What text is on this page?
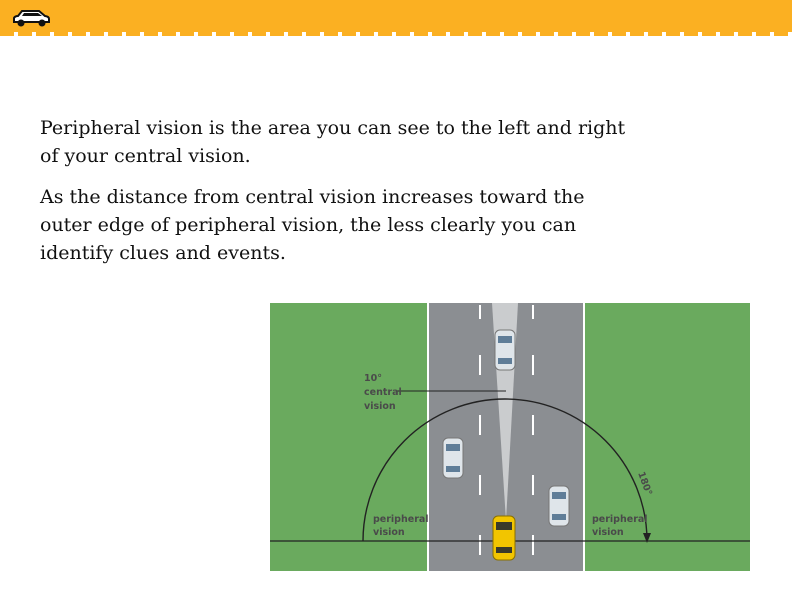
Peripheral vision is the area you can see to the left and right of your central vision.

As the distance from central vision increases toward the outer edge of peripheral vision, the less clearly you can identify clues and events.

10°
central
vision
peripheral
vision
peripheral
vision
180°
